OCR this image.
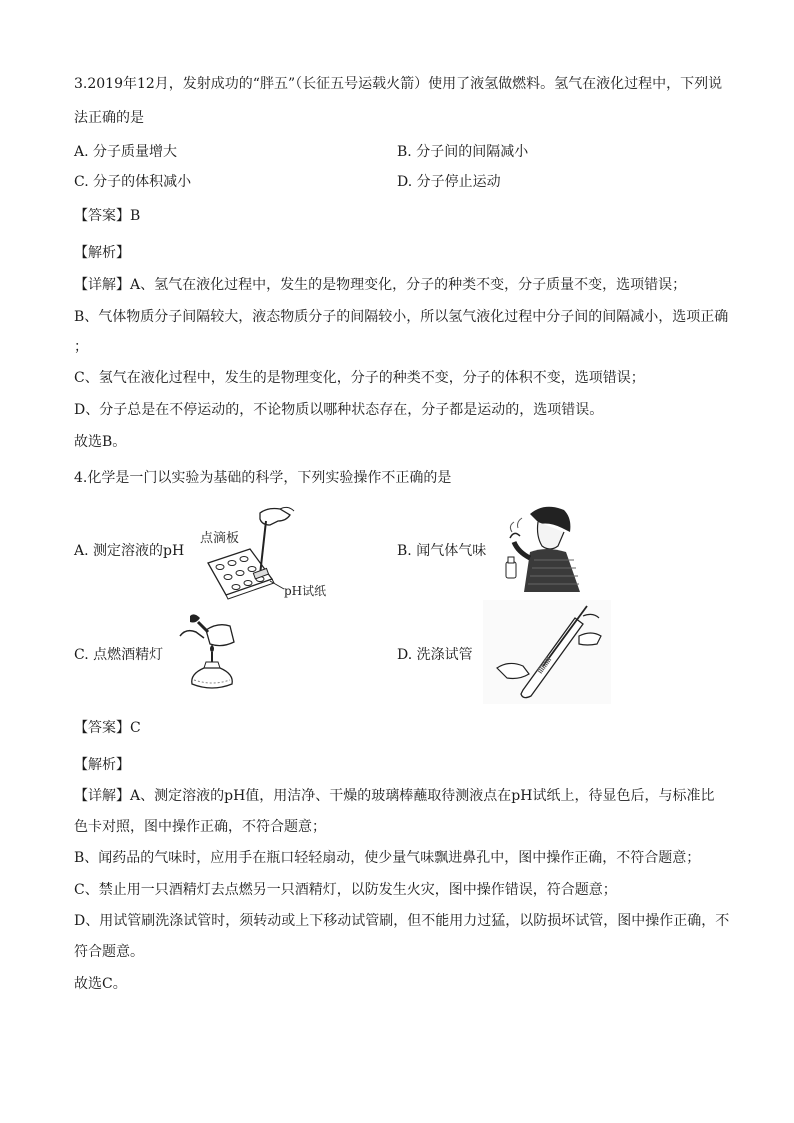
3.2019年12月，发射成功的“胖五”（长征五号运载火箭）使用了液氢做燃料。氢气在液化过程中，下列说
法正确的是
A. 分子质量增大	B. 分子间的间隔减小
C. 分子的体积减小	D. 分子停止运动
【答案】B
【解析】
【详解】A、氢气在液化过程中，发生的是物理变化，分子的种类不变，分子质量不变，选项错误；
B、气体物质分子间隔较大，液态物质分子的间隔较小，所以氢气液化过程中分子间的间隔减小，选项正确
；
C、氢气在液化过程中，发生的是物理变化，分子的种类不变，分子的体积不变，选项错误；
D、分子总是在不停运动的，不论物质以哪种状态存在，分子都是运动的，选项错误。
故选B。
4.化学是一门以实验为基础的科学，下列实验操作不正确的是
A. 测定溶液的pH
点滴板
pH试纸
B. 闻气体气味
C. 点燃酒精灯	D. 洗涤试管
【答案】C
【解析】
【详解】A、测定溶液的pH值，用洁净、干燥的玻璃棒蘸取待测液点在pH试纸上，待显色后，与标准比
色卡对照，图中操作正确，不符合题意；
B、闻药品的气味时，应用手在瓶口轻轻扇动，使少量气味飘进鼻孔中，图中操作正确，不符合题意；
C、禁止用一只酒精灯去点燃另一只酒精灯，以防发生火灾，图中操作错误，符合题意；
D、用试管刷洗涤试管时，须转动或上下移动试管刷，但不能用力过猛，以防损坏试管，图中操作正确，不
符合题意。
故选C。
